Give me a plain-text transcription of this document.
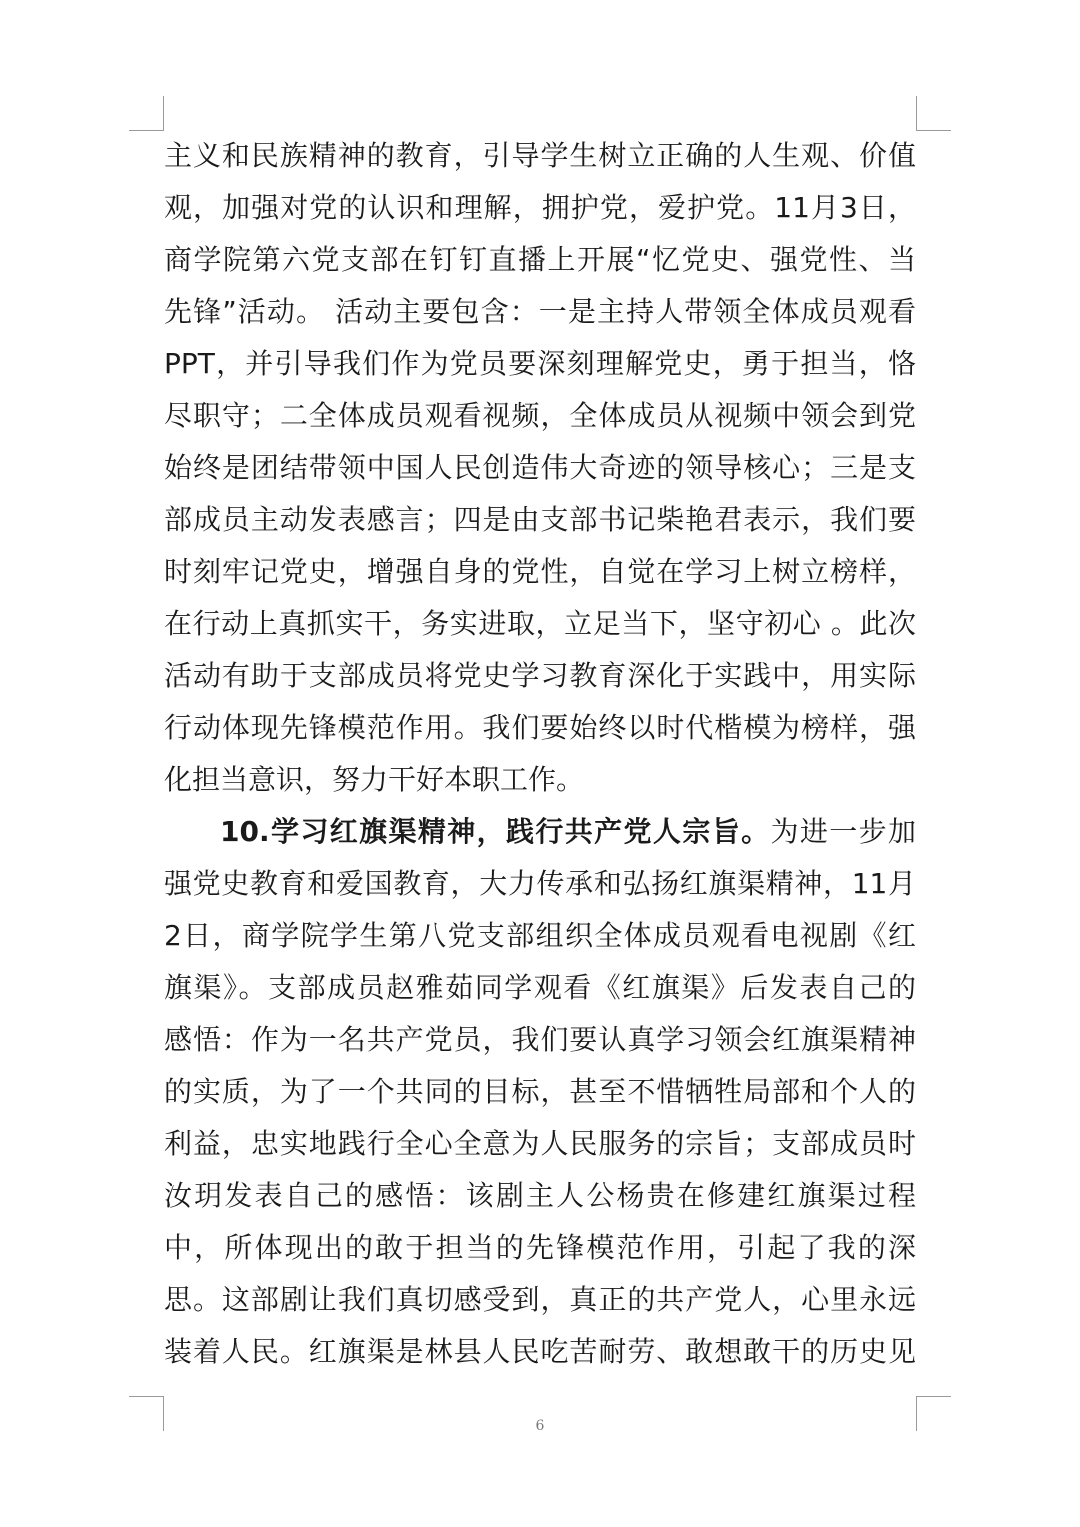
主义和民族精神的教育，引导学生树立正确的人生观、价值
观，加强对党的认识和理解，拥护党，爱护党。11月3日，
商学院第六党支部在钉钉直播上开展“忆党史、强党性、当
先锋”活动。 活动主要包含：一是主持人带领全体成员观看
PPT，并引导我们作为党员要深刻理解党史，勇于担当，恪
尽职守；二全体成员观看视频，全体成员从视频中领会到党
始终是团结带领中国人民创造伟大奇迹的领导核心；三是支
部成员主动发表感言；四是由支部书记柴艳君表示，我们要
时刻牢记党史，增强自身的党性，自觉在学习上树立榜样，
在行动上真抓实干，务实进取，立足当下，坚守初心 。此次
活动有助于支部成员将党史学习教育深化于实践中，用实际
行动体现先锋模范作用。我们要始终以时代楷模为榜样，强
化担当意识，努力干好本职工作。
10.学习红旗渠精神，践行共产党人宗旨。为进一步加
强党史教育和爱国教育，大力传承和弘扬红旗渠精神，11月
2日，商学院学生第八党支部组织全体成员观看电视剧《红
旗渠》。支部成员赵雅茹同学观看《红旗渠》后发表自己的
感悟：作为一名共产党员，我们要认真学习领会红旗渠精神
的实质，为了一个共同的目标，甚至不惜牺牲局部和个人的
利益，忠实地践行全心全意为人民服务的宗旨；支部成员时
汝玥发表自己的感悟：该剧主人公杨贵在修建红旗渠过程
中，所体现出的敢于担当的先锋模范作用，引起了我的深
思。这部剧让我们真切感受到，真正的共产党人，心里永远
装着人民。红旗渠是林县人民吃苦耐劳、敢想敢干的历史见
6
